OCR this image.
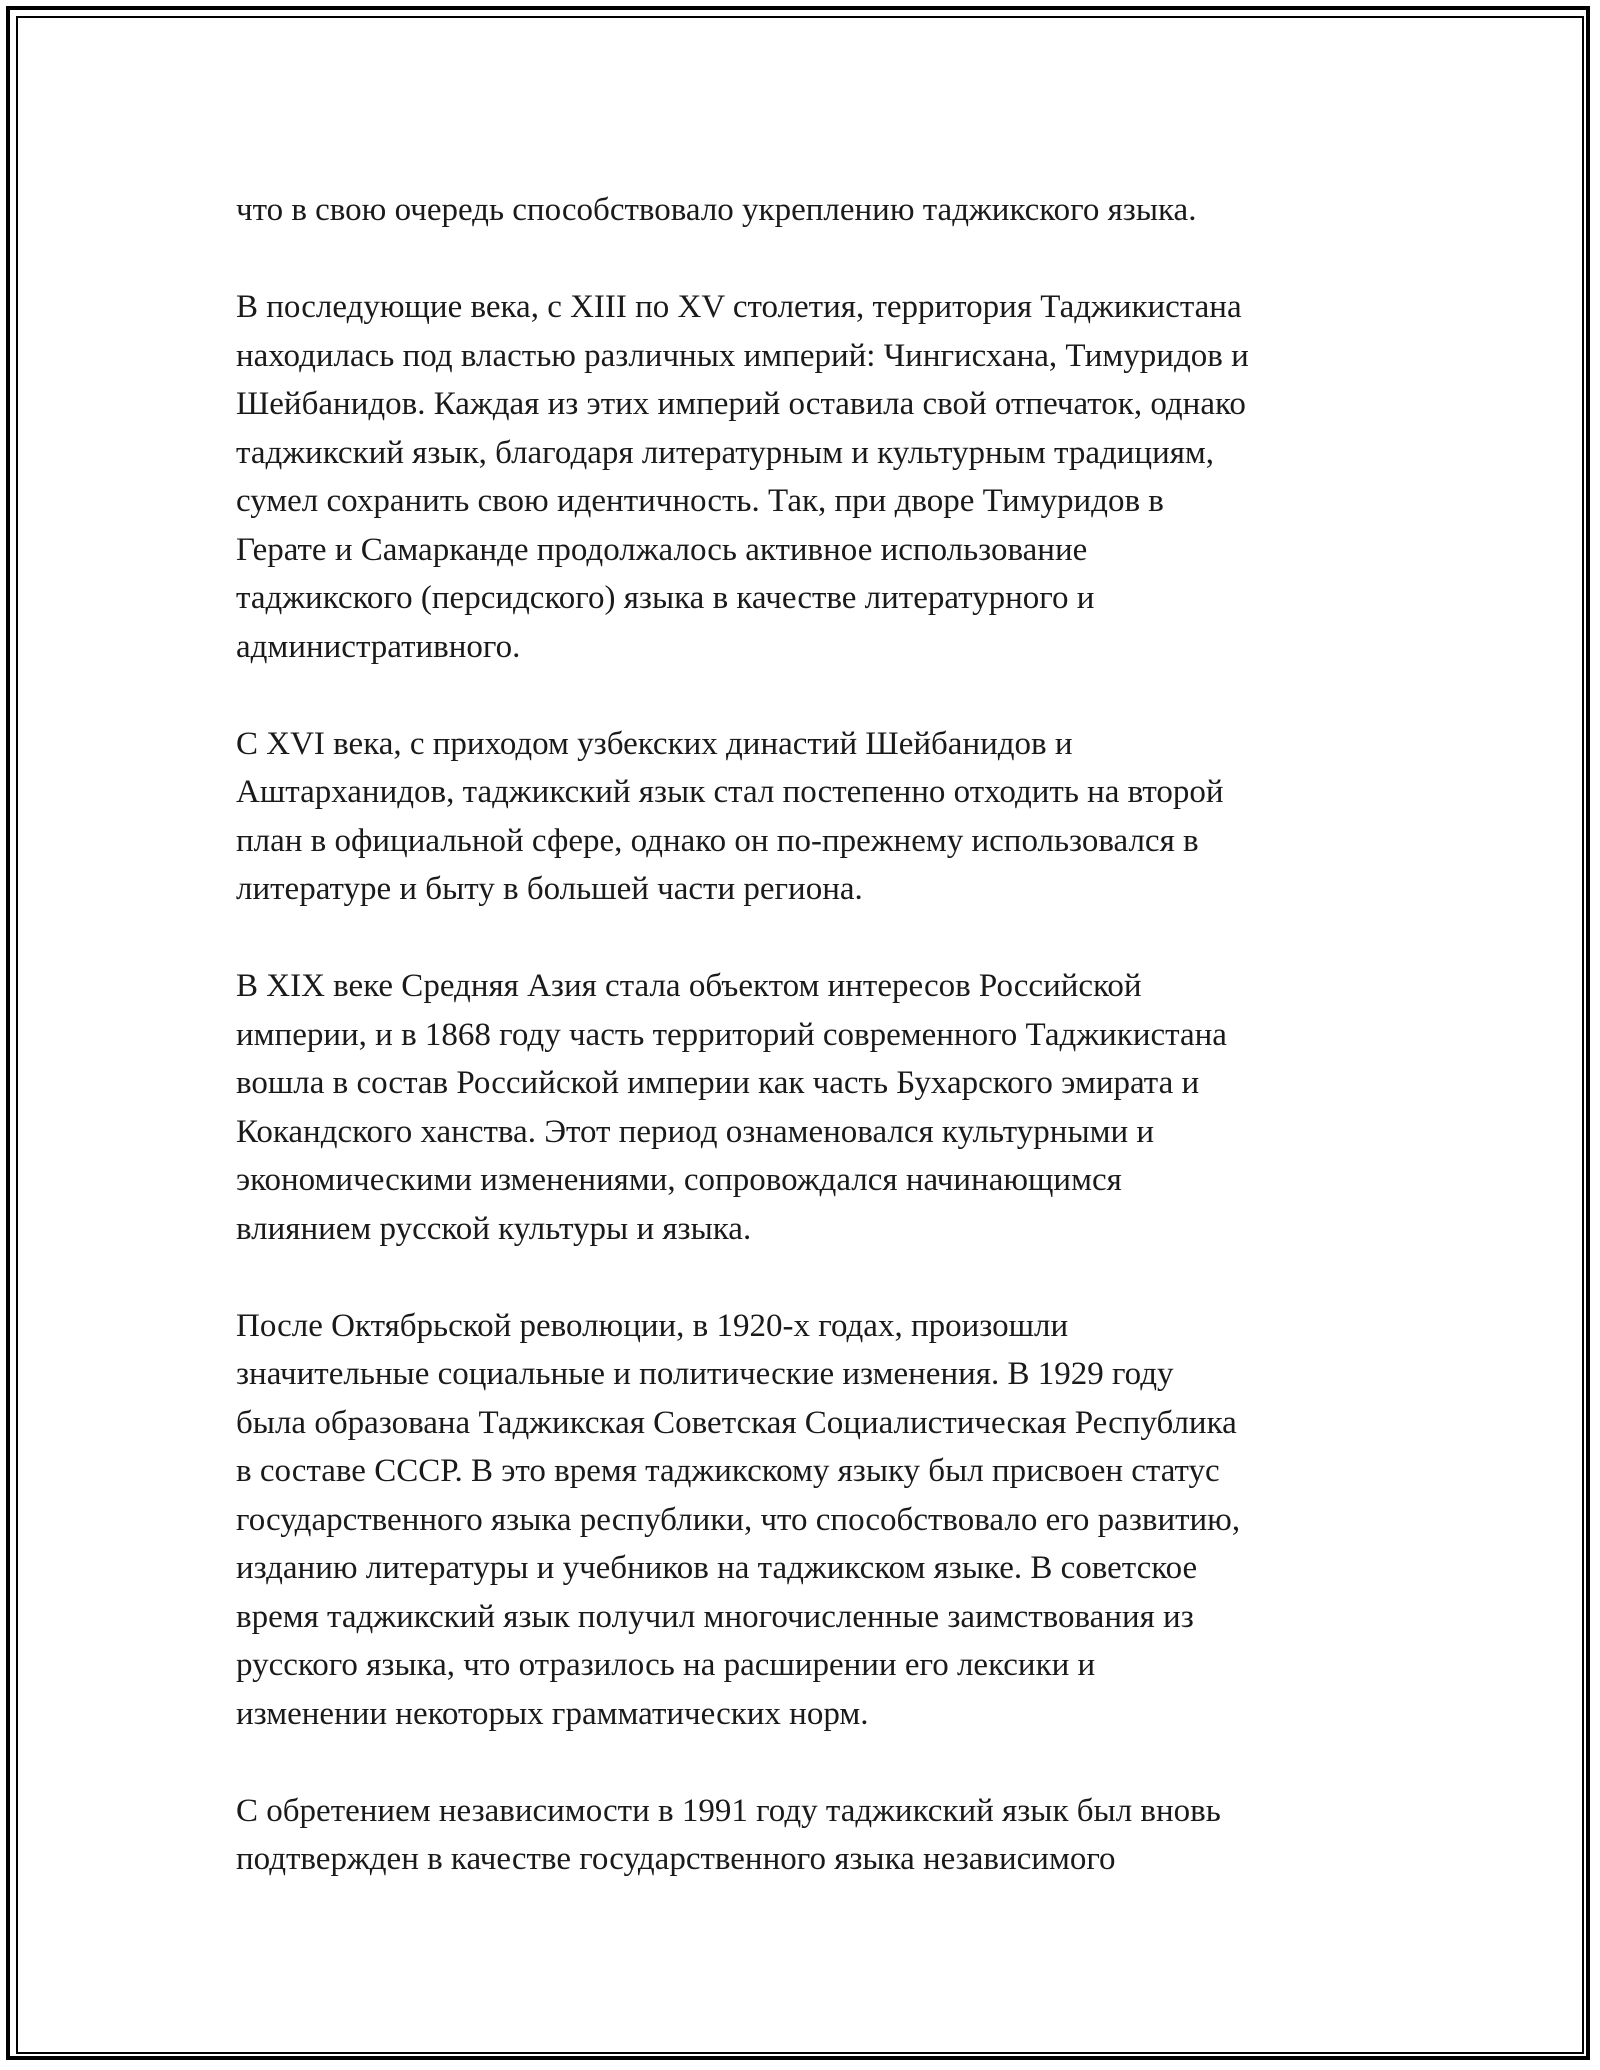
что в свою очередь способствовало укреплению таджикского языка.

В последующие века, с XIII по XV столетия, территория Таджикистана
находилась под властью различных империй: Чингисхана, Тимуридов и
Шейбанидов. Каждая из этих империй оставила свой отпечаток, однако
таджикский язык, благодаря литературным и культурным традициям,
сумел сохранить свою идентичность. Так, при дворе Тимуридов в
Герате и Самарканде продолжалось активное использование
таджикского (персидского) языка в качестве литературного и
административного.

С XVI века, с приходом узбекских династий Шейбанидов и
Аштарханидов, таджикский язык стал постепенно отходить на второй
план в официальной сфере, однако он по-прежнему использовался в
литературе и быту в большей части региона.

В XIX веке Средняя Азия стала объектом интересов Российской
империи, и в 1868 году часть территорий современного Таджикистана
вошла в состав Российской империи как часть Бухарского эмирата и
Кокандского ханства. Этот период ознаменовался культурными и
экономическими изменениями, сопровождался начинающимся
влиянием русской культуры и языка.

После Октябрьской революции, в 1920-х годах, произошли
значительные социальные и политические изменения. В 1929 году
была образована Таджикская Советская Социалистическая Республика
в составе СССР. В это время таджикскому языку был присвоен статус
государственного языка республики, что способствовало его развитию,
изданию литературы и учебников на таджикском языке. В советское
время таджикский язык получил многочисленные заимствования из
русского языка, что отразилось на расширении его лексики и
изменении некоторых грамматических норм.

С обретением независимости в 1991 году таджикский язык был вновь
подтвержден в качестве государственного языка независимого
